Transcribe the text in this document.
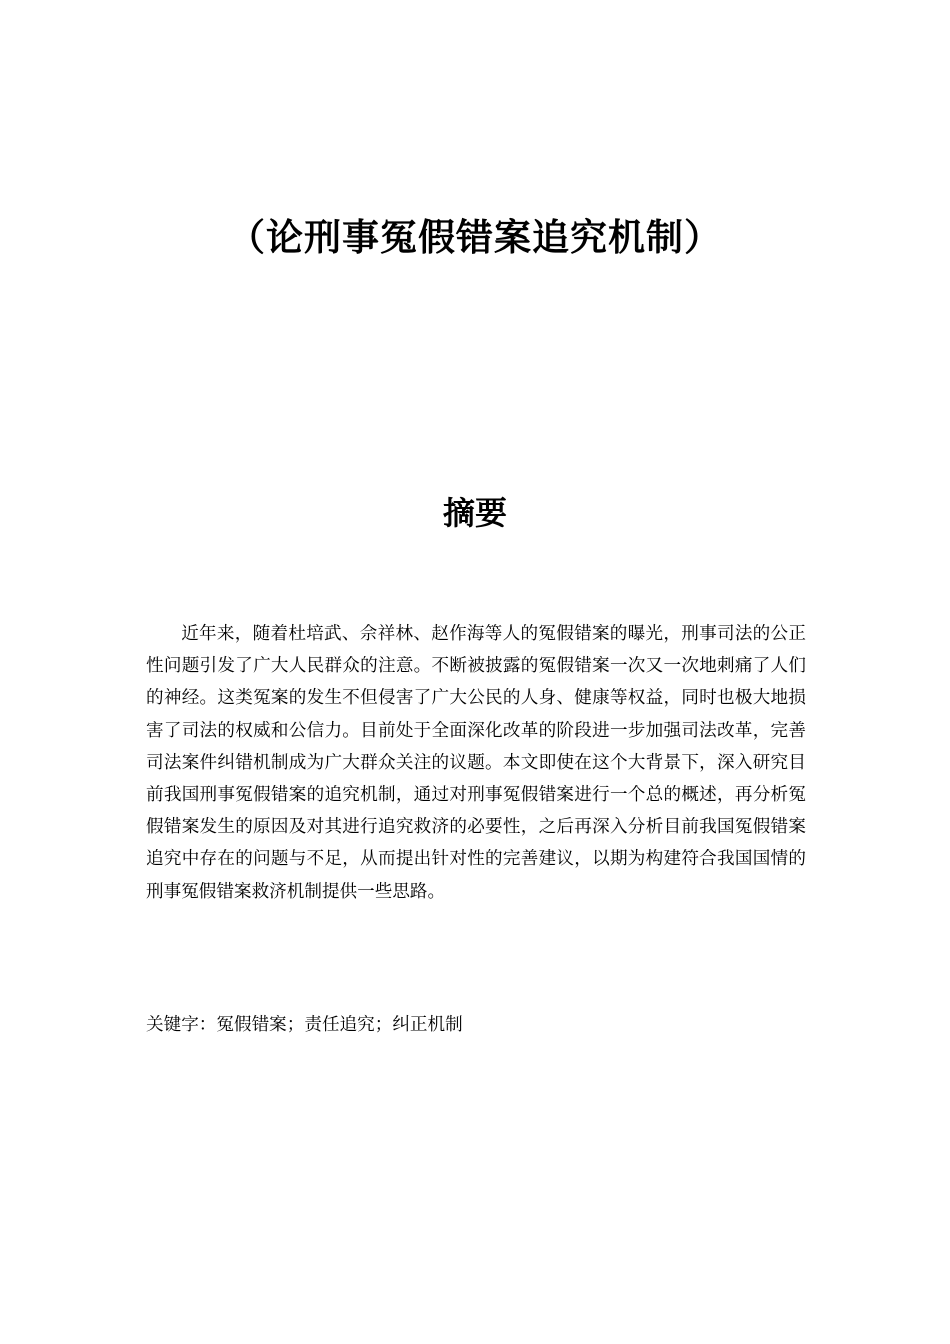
（论刑事冤假错案追究机制）
摘要

近年来，随着杜培武、佘祥林、赵作海等人的冤假错案的曝光，刑事司法的公正性问题引发了广大人民群众的注意。不断被披露的冤假错案一次又一次地刺痛了人们的神经。这类冤案的发生不但侵害了广大公民的人身、健康等权益，同时也极大地损害了司法的权威和公信力。目前处于全面深化改革的阶段进一步加强司法改革，完善司法案件纠错机制成为广大群众关注的议题。本文即使在这个大背景下，深入研究目前我国刑事冤假错案的追究机制，通过对刑事冤假错案进行一个总的概述，再分析冤假错案发生的原因及对其进行追究救济的必要性，之后再深入分析目前我国冤假错案追究中存在的问题与不足，从而提出针对性的完善建议，以期为构建符合我国国情的刑事冤假错案救济机制提供一些思路。

关键字：冤假错案；责任追究；纠正机制
